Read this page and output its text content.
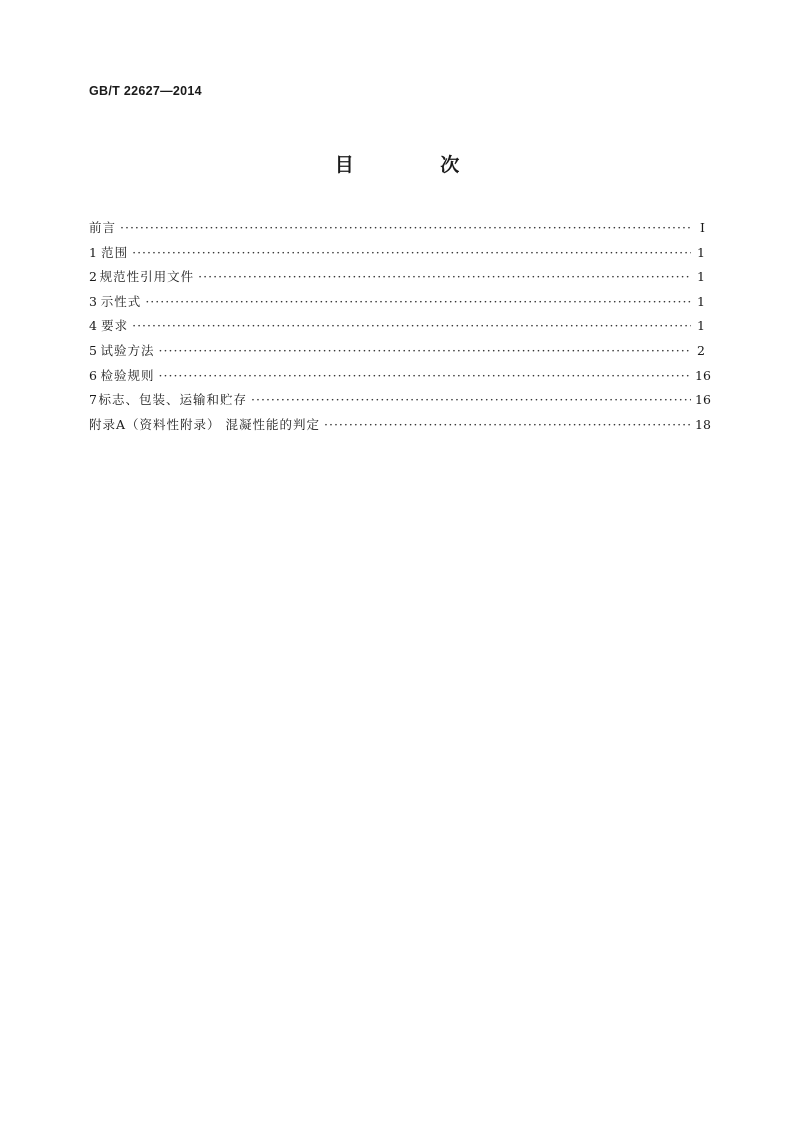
GB/T 22627—2014
目 次
前言 ·····	Ⅰ
1 范围 ·····	1
2 规范性引用文件 ·····	1
3 示性式 ·····	1
4 要求 ·····	1
5 试验方法 ·····	2
6 检验规则 ·····	16
7 标志、包装、运输和贮存 ·····	16
附录A（资料性附录） 混凝性能的判定 ·····	18
